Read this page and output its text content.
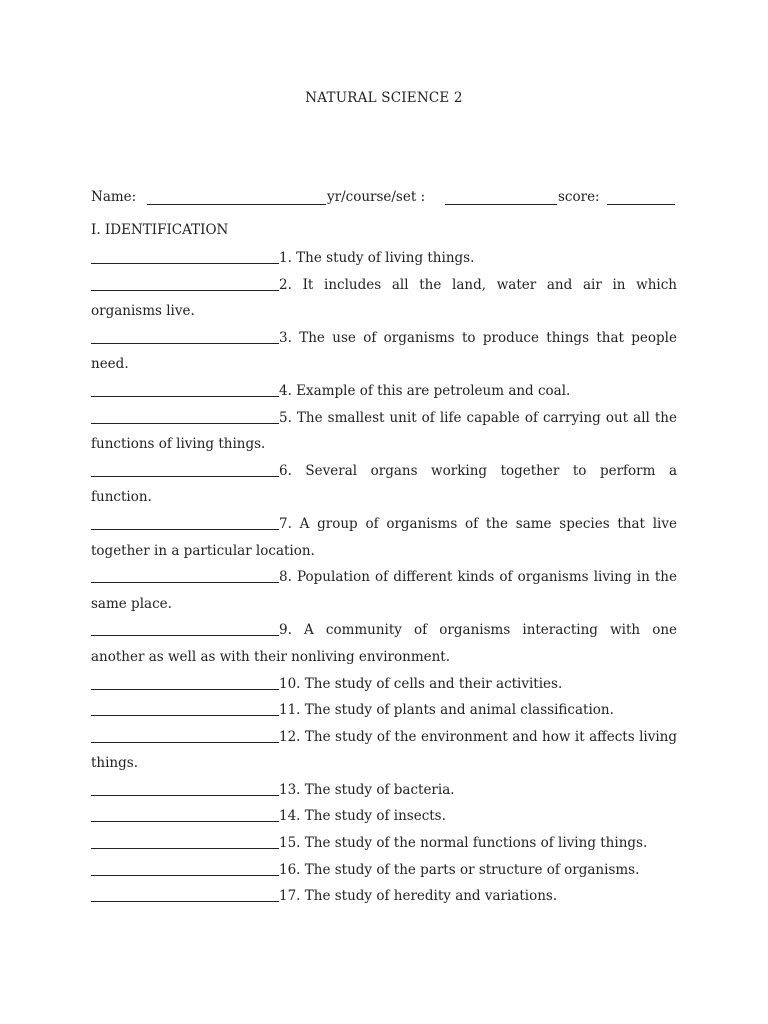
NATURAL SCIENCE 2
Name:	yr/course/set :	score:
I. IDENTIFICATION
1. The study of living things.
2. It includes all the land, water and air in which organisms live.
3. The use of organisms to produce things that people need.
4. Example of this are petroleum and coal.
5. The smallest unit of life capable of carrying out all the functions of living things.
6. Several organs working together to perform a function.
7. A group of organisms of the same species that live together in a particular location.
8. Population of different kinds of organisms living in the same place.
9. A community of organisms interacting with one another as well as with their nonliving environment.
10. The study of cells and their activities.
11. The study of plants and animal classification.
12. The study of the environment and how it affects living things.
13. The study of bacteria.
14. The study of insects.
15. The study of the normal functions of living things.
16. The study of the parts or structure of organisms.
17. The study of heredity and variations.
